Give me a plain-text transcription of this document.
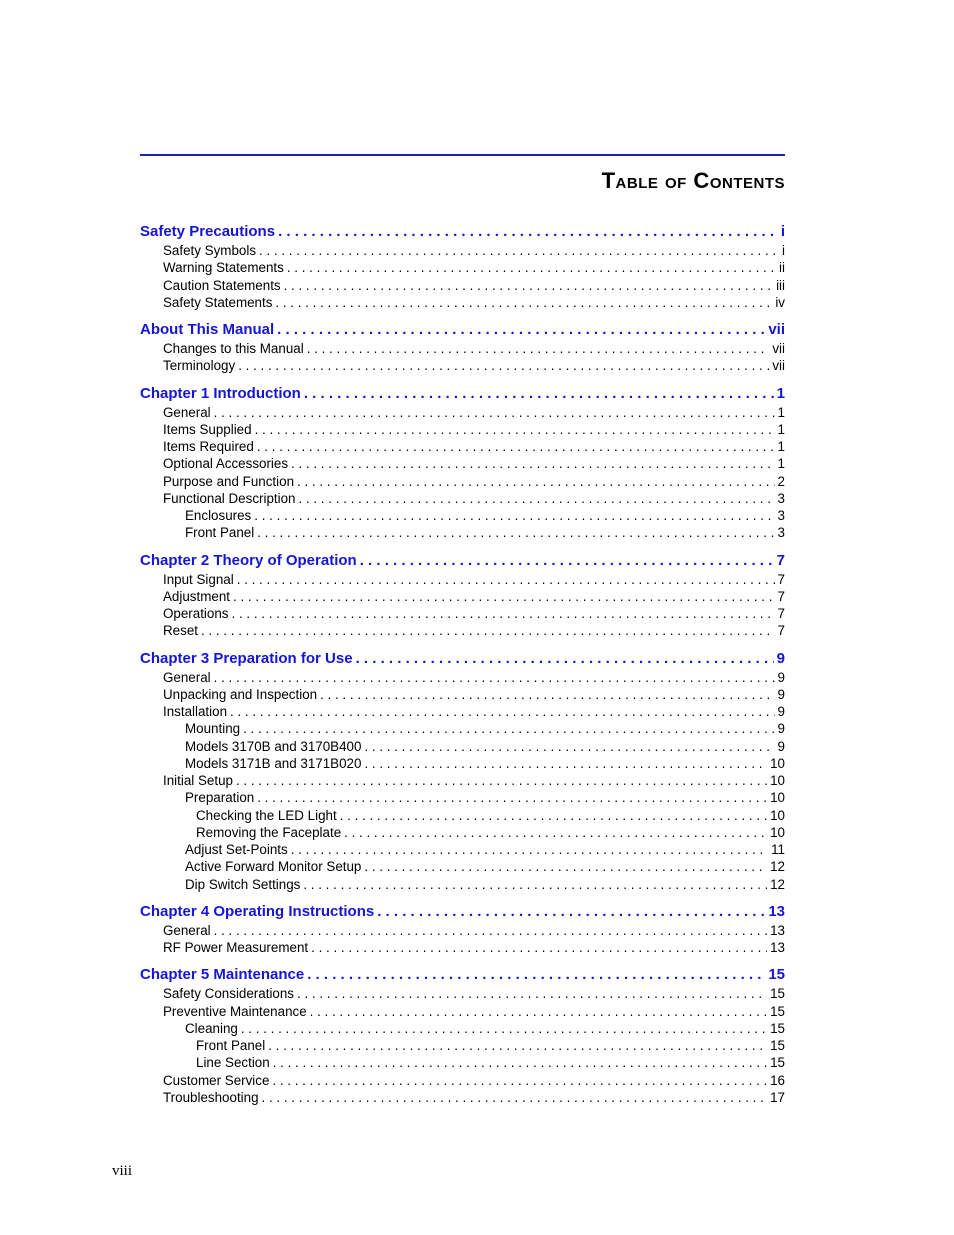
Table of Contents
Safety Precautions . . .	i
Safety Symbols . . .	i
Warning Statements . . .	ii
Caution Statements . . .	iii
Safety Statements . . .	iv
About This Manual . . .	vii
Changes to this Manual . . .	vii
Terminology . . .	vii
Chapter 1 Introduction . . .	1
General . . .	1
Items Supplied . . .	1
Items Required . . .	1
Optional Accessories . . .	1
Purpose and Function . . .	2
Functional Description . . .	3
Enclosures . . .	3
Front Panel . . .	3
Chapter 2 Theory of Operation . . .	7
Input Signal . . .	7
Adjustment . . .	7
Operations . . .	7
Reset . . .	7
Chapter 3 Preparation for Use . . .	9
General . . .	9
Unpacking and Inspection . . .	9
Installation . . .	9
Mounting . . .	9
Models 3170B and 3170B400 . . .	9
Models 3171B and 3171B020 . . .	10
Initial Setup . . .	10
Preparation . . .	10
Checking the LED Light . . .	10
Removing the Faceplate . . .	10
Adjust Set-Points . . .	11
Active Forward Monitor Setup . . .	12
Dip Switch Settings . . .	12
Chapter 4 Operating Instructions . . .	13
General . . .	13
RF Power Measurement . . .	13
Chapter 5 Maintenance . . .	15
Safety Considerations . . .	15
Preventive Maintenance . . .	15
Cleaning . . .	15
Front Panel . . .	15
Line Section . . .	15
Customer Service . . .	16
Troubleshooting . . .	17
viii
